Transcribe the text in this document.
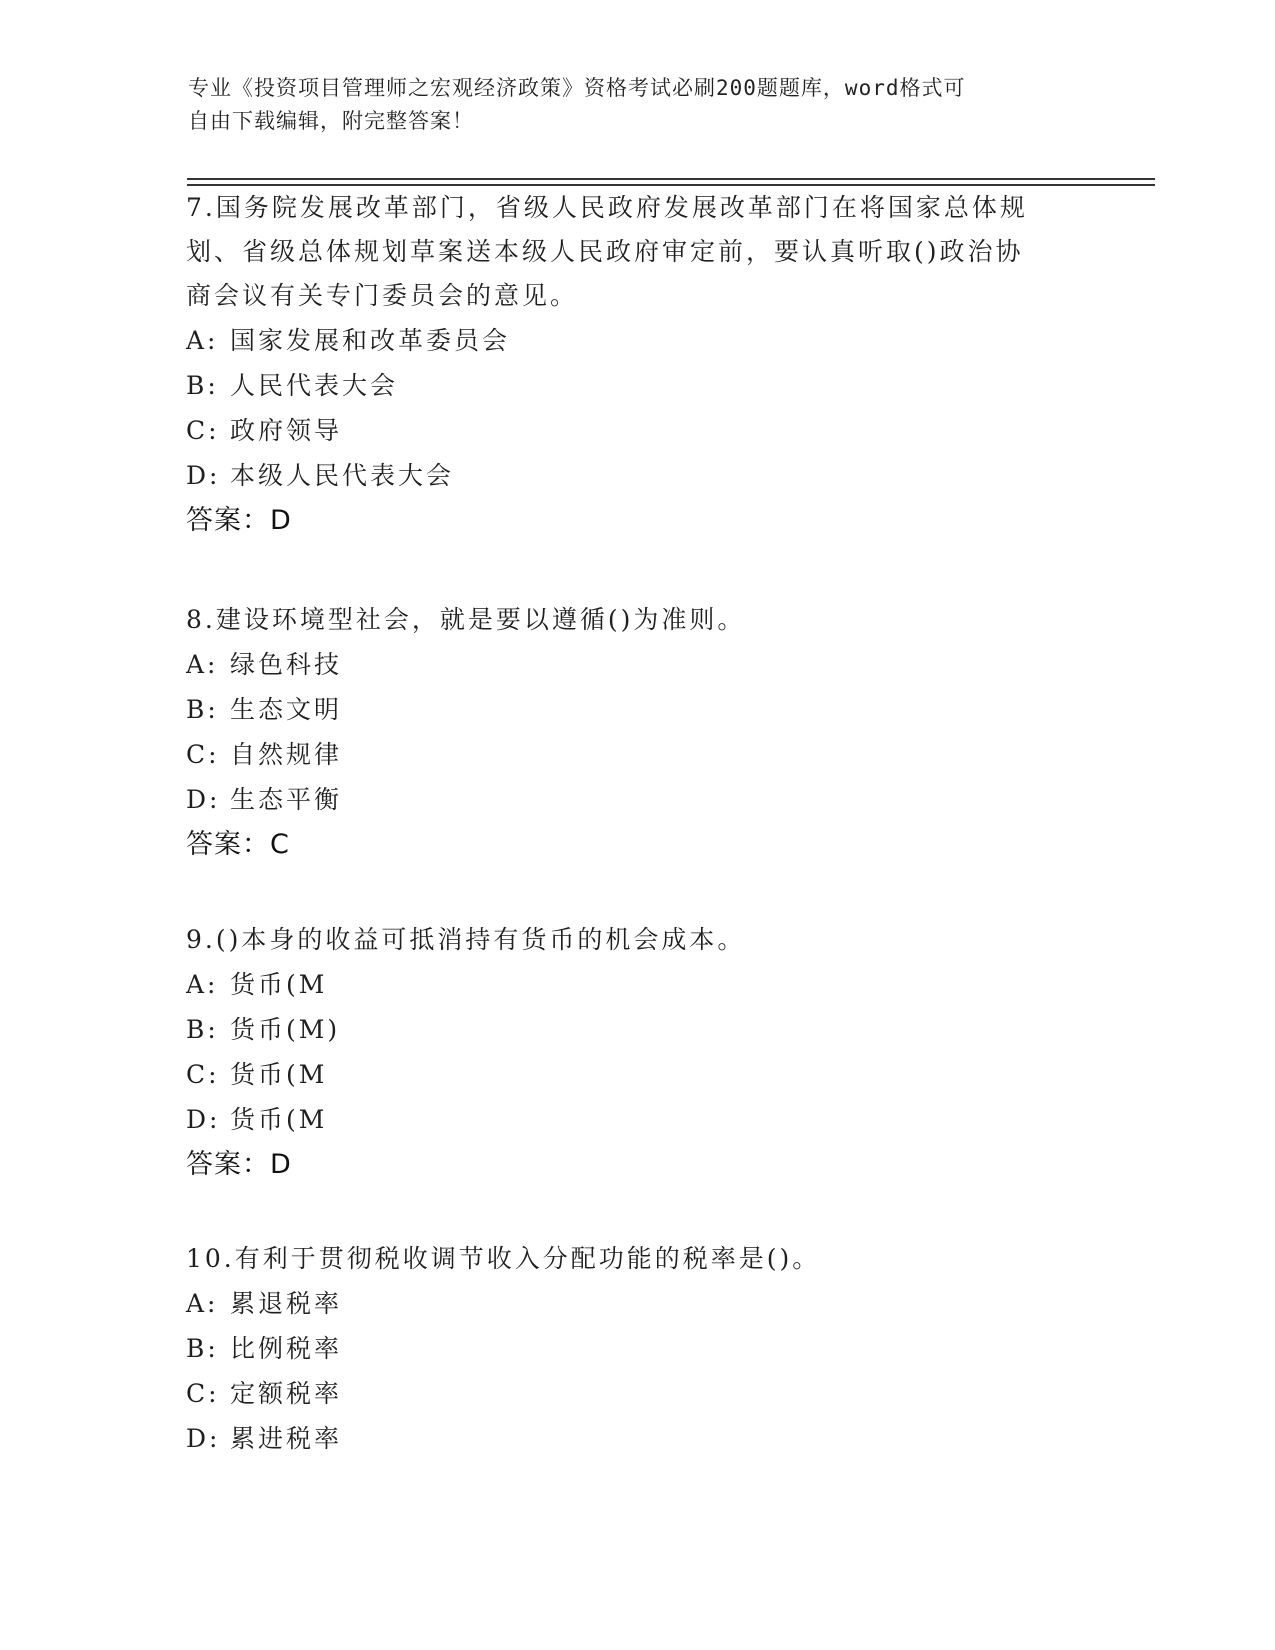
专业《投资项目管理师之宏观经济政策》资格考试必刷200题题库，word格式可
自由下载编辑，附完整答案！

7.国务院发展改革部门，省级人民政府发展改革部门在将国家总体规
划、省级总体规划草案送本级人民政府审定前，要认真听取()政治协
商会议有关专门委员会的意见。

A: 国家发展和改革委员会
B: 人民代表大会
C: 政府领导
D: 本级人民代表大会

答案：D

8.建设环境型社会，就是要以遵循()为准则。

A: 绿色科技
B: 生态文明
C: 自然规律
D: 生态平衡

答案：C

9.()本身的收益可抵消持有货币的机会成本。

A: 货币(M
B: 货币(M)
C: 货币(M
D: 货币(M

答案：D

10.有利于贯彻税收调节收入分配功能的税率是()。

A: 累退税率
B: 比例税率
C: 定额税率
D: 累进税率
